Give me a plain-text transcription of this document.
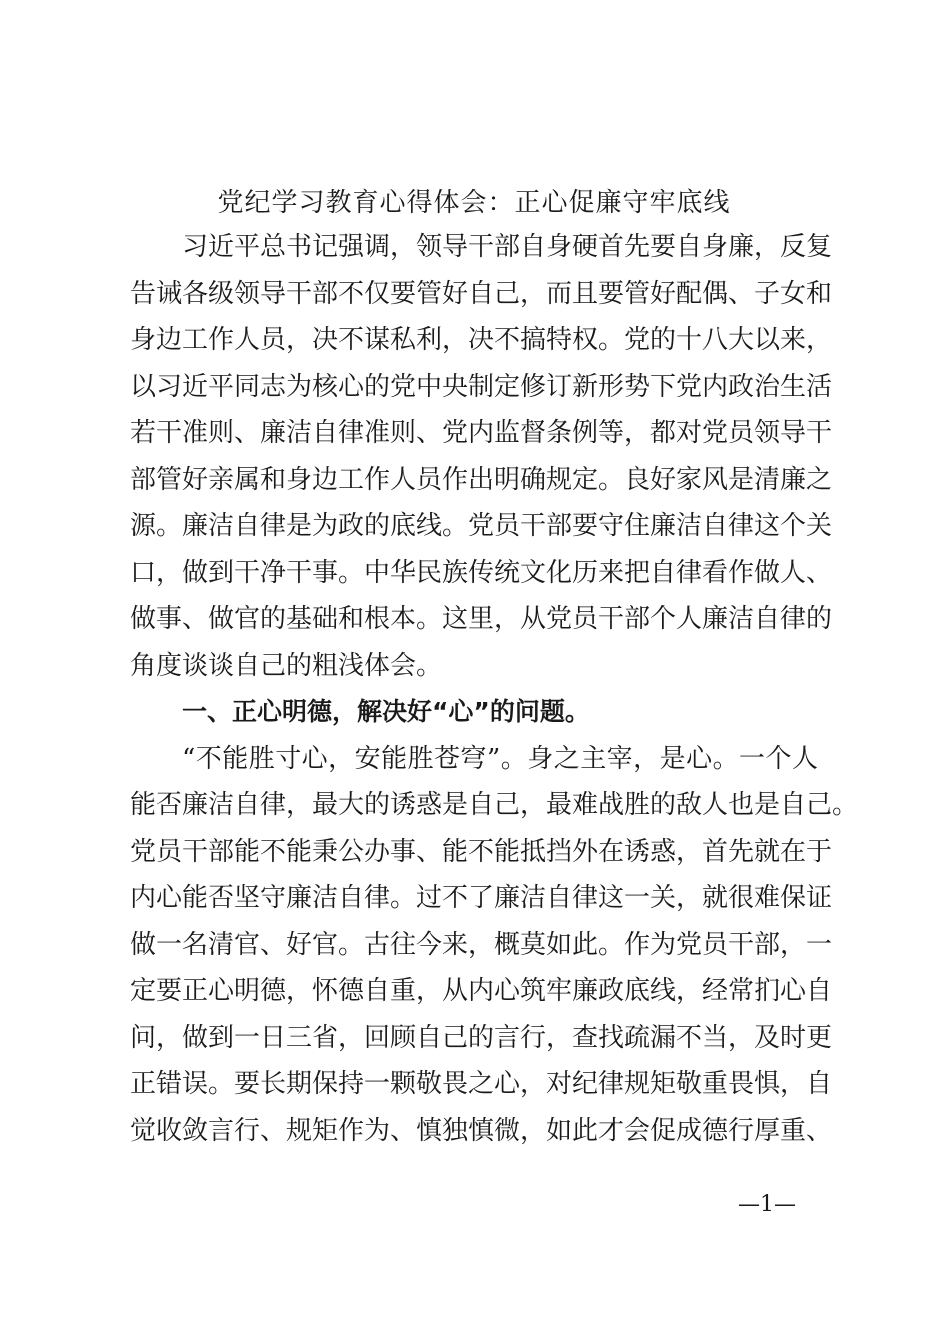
党纪学习教育心得体会：正心促廉守牢底线
习近平总书记强调，领导干部自身硬首先要自身廉，反复
告诫各级领导干部不仅要管好自己，而且要管好配偶、子女和
身边工作人员，决不谋私利，决不搞特权。党的十八大以来，
以习近平同志为核心的党中央制定修订新形势下党内政治生活
若干准则、廉洁自律准则、党内监督条例等，都对党员领导干
部管好亲属和身边工作人员作出明确规定。良好家风是清廉之
源。廉洁自律是为政的底线。党员干部要守住廉洁自律这个关
口，做到干净干事。中华民族传统文化历来把自律看作做人、
做事、做官的基础和根本。这里，从党员干部个人廉洁自律的
角度谈谈自己的粗浅体会。
一、正心明德，解决好“心”的问题。
“不能胜寸心，安能胜苍穹”。身之主宰，是心。一个人
能否廉洁自律，最大的诱惑是自己，最难战胜的敌人也是自己。
党员干部能不能秉公办事、能不能抵挡外在诱惑，首先就在于
内心能否坚守廉洁自律。过不了廉洁自律这一关，就很难保证
做一名清官、好官。古往今来，概莫如此。作为党员干部，一
定要正心明德，怀德自重，从内心筑牢廉政底线，经常扪心自
问，做到一日三省，回顾自己的言行，查找疏漏不当，及时更
正错误。要长期保持一颗敬畏之心，对纪律规矩敬重畏惧，自
觉收敛言行、规矩作为、慎独慎微，如此才会促成德行厚重、
—1—
